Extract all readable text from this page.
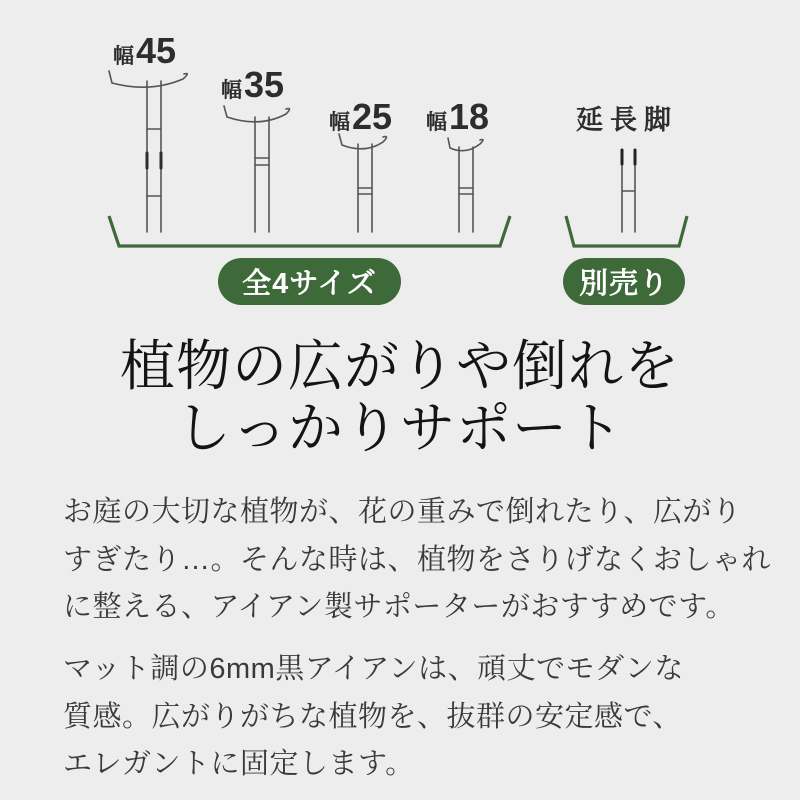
幅 45
幅 35
幅 25 幅 18	延長脚
全4サイズ	別売り
植物の広がりや倒れを
しっかりサポート

お庭の大切な植物が、花の重みで倒れたり、広がり
すぎたり…。そんな時は、植物をさりげなくおしゃれ
に整える、アイアン製サポーターがおすすめです。

マット調の6mm黒アイアンは、頑丈でモダンな
質感。広がりがちな植物を、抜群の安定感で、
エレガントに固定します。
